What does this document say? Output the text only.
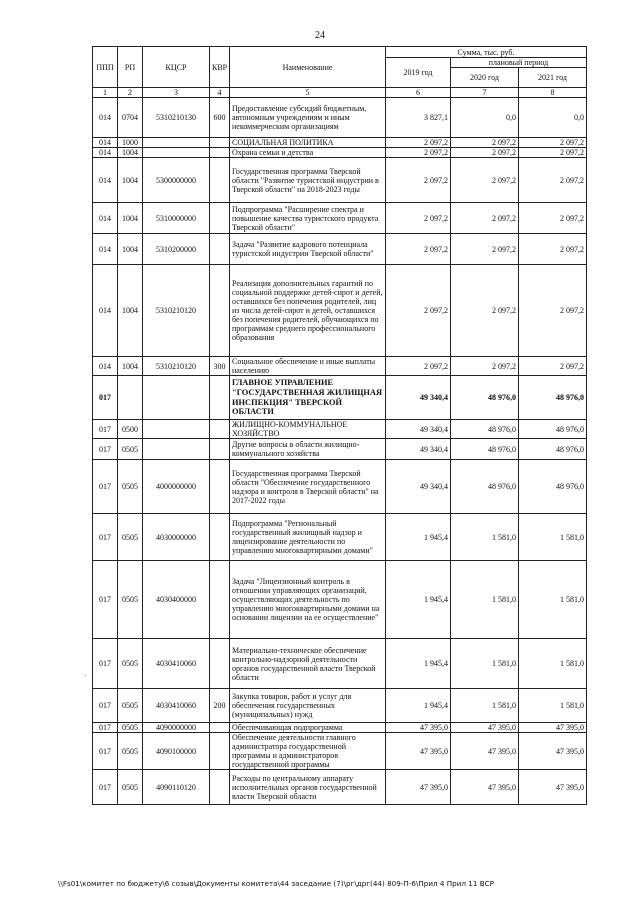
24
ППП	РП	КЦСР	КВР	Наименование	Сумма, тыс. руб.		
					2019 год	плановый период	
						2020 год	2021 год
1	2	3	4	5	6	7	8
014	0704	5310210130	600	Предоставление субсидий бюджетным, автономным учреждениям и иным некоммерческим организациям	3 827,1	0,0	0,0
014	1000			СОЦИАЛЬНАЯ ПОЛИТИКА	2 097,2	2 097,2	2 097,2
014	1004			Охрана семьи и детства	2 097,2	2 097,2	2 097,2
014	1004	5300000000		Государственная программа Тверской области "Развитие туристской индустрии в Тверской области" на 2018-2023 годы	2 097,2	2 097,2	2 097,2
014	1004	5310000000		Подпрограмма "Расширение спектра и повышение качества туристского продукта Тверской области"	2 097,2	2 097,2	2 097,2
014	1004	5310200000		Задача "Развитие кадрового потенциала туристской индустрии Тверской области"	2 097,2	2 097,2	2 097,2
014	1004	5310210120		Реализация дополнительных гарантий по социальной поддержке детей-сирот и детей, оставшихся без попечения родителей, лиц из числа детей-сирот и детей, оставшихся без попечения родителей, обучающихся по программам среднего профессионального образования	2 097,2	2 097,2	2 097,2
014	1004	5310210120	300	Социальное обеспечение и иные выплаты населению	2 097,2	2 097,2	2 097,2
017				ГЛАВНОЕ УПРАВЛЕНИЕ "ГОСУДАРСТВЕННАЯ ЖИЛИЩНАЯ ИНСПЕКЦИЯ" ТВЕРСКОЙ ОБЛАСТИ	49 340,4	48 976,0	48 976,0
017	0500			ЖИЛИЩНО-КОММУНАЛЬНОЕ ХОЗЯЙСТВО	49 340,4	48 976,0	48 976,0
017	0505			Другие вопросы в области жилищно-коммунального хозяйства	49 340,4	48 976,0	48 976,0
017	0505	4000000000		Государственная программа Тверской области "Обеспечение государственного надзора и контроля в Тверской области" на 2017-2022 годы	49 340,4	48 976,0	48 976,0
017	0505	4030000000		Подпрограмма "Региональный государственный жилищный надзор и лицензирование деятельности по управлению многоквартирными домами"	1 945,4	1 581,0	1 581,0
017	0505	4030400000		Задача "Лицензионный контроль в отношении управляющих организаций, осуществляющих деятельность по управлению многоквартирными домами на основании лицензии на ее осуществление"	1 945,4	1 581,0	1 581,0
017	0505	4030410060		Материально-техническое обеспечение контрольно-надзорной деятельности органов государственной власти Тверской области	1 945,4	1 581,0	1 581,0
017	0505	4030410060	200	Закупка товаров, работ и услуг для обеспечения государственных (муниципальных) нужд	1 945,4	1 581,0	1 581,0
017	0505	4090000000		Обеспечивающая подпрограмма	47 395,0	47 395,0	47 395,0
017	0505	4090100000		Обеспечение деятельности главного администратора государственной программы и администраторов государственной программы	47 395,0	47 395,0	47 395,0
017	0505	4090110120		Расходы по центральному аппарату исполнительных органов государственной власти Тверской области	47 395,0	47 395,0	47 395,0
·
\\Fs01\комитет по бюджету\6 созыв\Документы комитета\44 заседание (7)\рг\дрг(44) 809-П-6\Прил 4 Прил 11 ВСР
